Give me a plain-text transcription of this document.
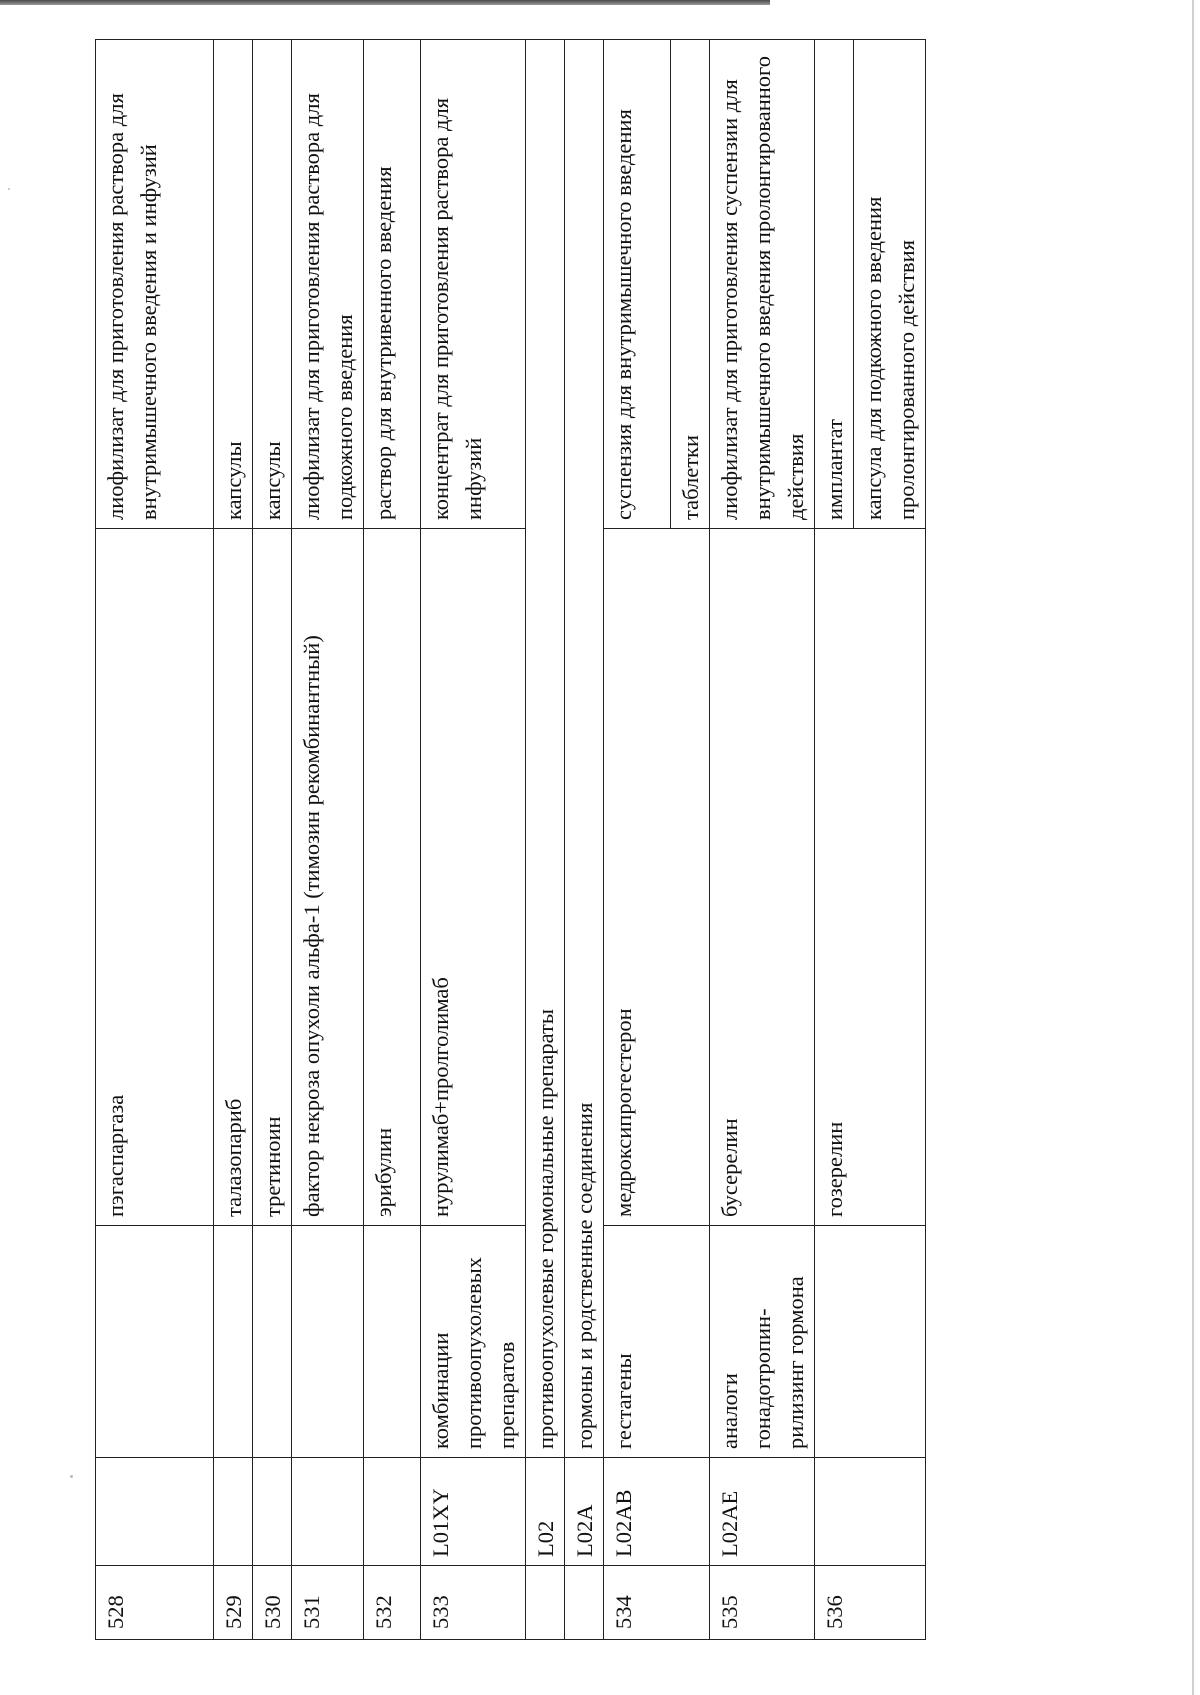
528			пэгаспаргаза	лиофилизат для приготовления раствора для внутримышечного введения и инфузий
529			талазопариб	капсулы
530			третиноин	капсулы
531			фактор некроза опухоли альфа-1 (тимозин рекомбинантный)	лиофилизат для приготовления раствора для подкожного введения
532			эрибулин	раствор для внутривенного введения
533	L01XY	комбинации противоопухолевых препаратов	нурулимаб+пролголимаб	концентрат для приготовления раствора для инфузий
	L02	противоопухолевые гормональные препараты		
	L02A	гормоны и родственные соединения		
534	L02AB	гестагены	медроксипрогестерон	суспензия для внутримышечного введения
				таблетки
535	L02AE	аналоги гонадотропин-рилизинг гормона	бусерелин	лиофилизат для приготовления суспензии для внутримышечного введения пролонгированного действия
536			гозерелин	имплантат
				капсула для подкожного введения пролонгированного действия
